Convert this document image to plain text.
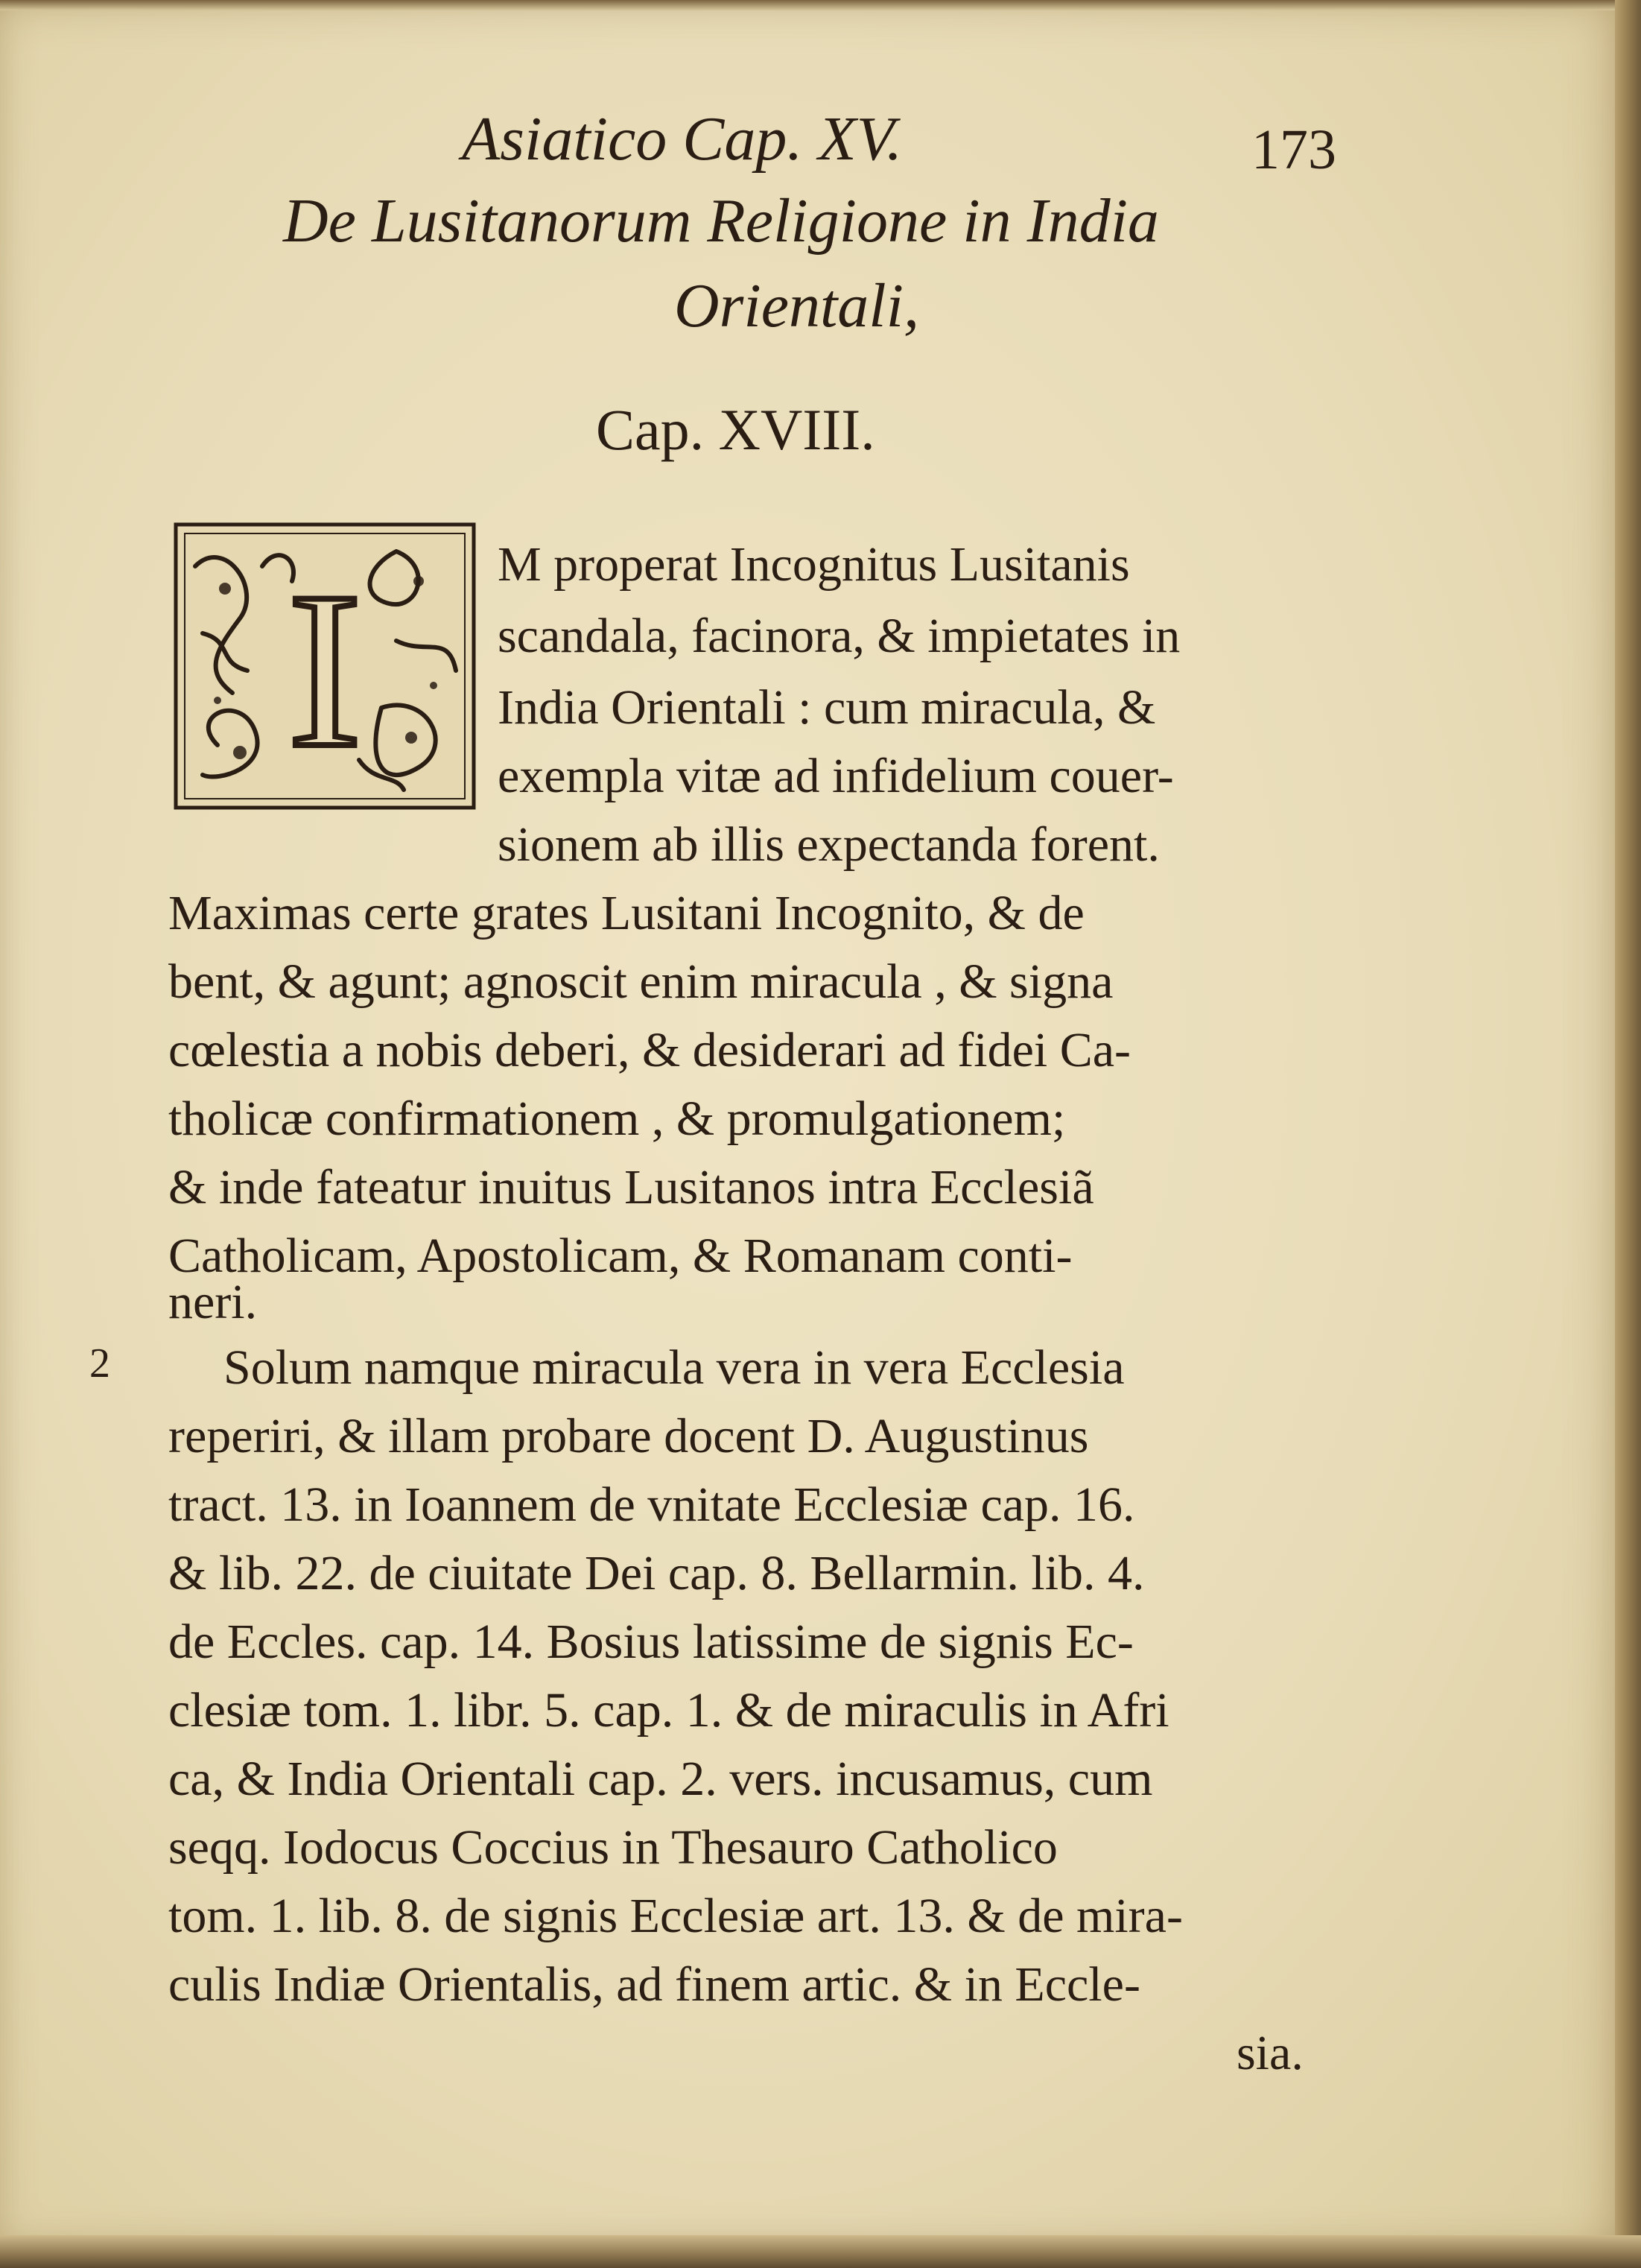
Asiatico Cap. XV.	173
De Lusitanorum Religione in India
Orientali,
Cap. XVIII.
I
2
M properat Incognitus Lusitanis
scandala, facinora, & impietates in
India Orientali : cum miracula, &
exempla vitæ ad infidelium couer-
sionem ab illis expectanda forent.
Maximas certe grates Lusitani Incognito, & de
bent, & agunt; agnoscit enim miracula , & signa
cœlestia a nobis deberi, & desiderari ad fidei Ca-
tholicæ confirmationem , & promulgationem;
& inde fateatur inuitus Lusitanos intra Ecclesiã
Catholicam, Apostolicam, & Romanam conti-
neri.
Solum namque miracula vera in vera Ecclesia
reperiri, & illam probare docent D. Augustinus
tract. 13. in Ioannem de vnitate Ecclesiæ cap. 16.
& lib. 22. de ciuitate Dei cap. 8. Bellarmin. lib. 4.
de Eccles. cap. 14. Bosius latissime de signis Ec-
clesiæ tom. 1. libr. 5. cap. 1. & de miraculis in Afri
ca, & India Orientali cap. 2. vers. incusamus, cum
seqq. Iodocus Coccius in Thesauro Catholico
tom. 1. lib. 8. de signis Ecclesiæ art. 13. & de mira-
culis Indiæ Orientalis, ad finem artic. & in Eccle-
sia.
